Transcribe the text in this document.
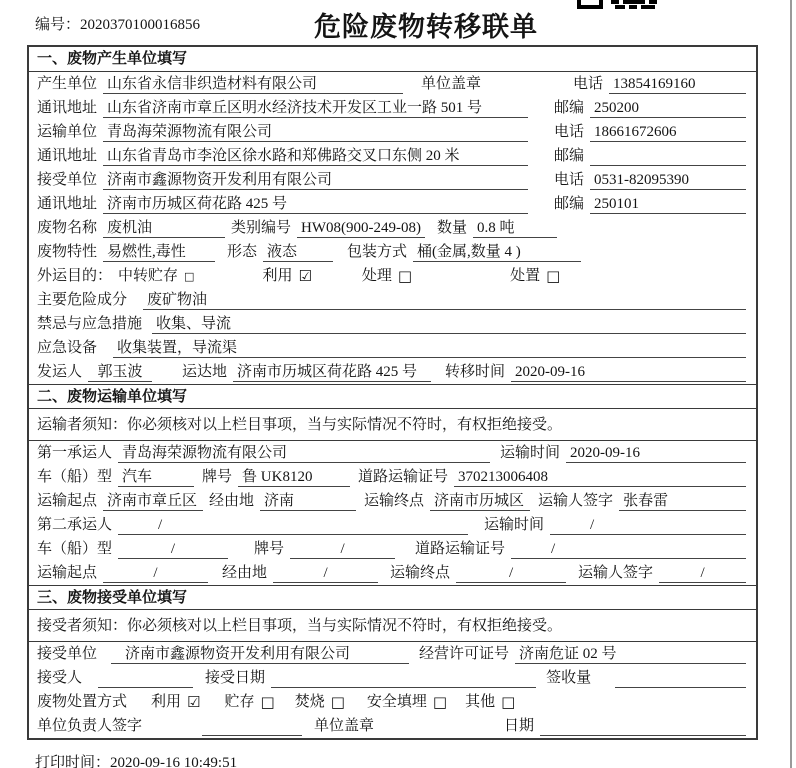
编号：2020370100016856	危险废物转移联单
一、废物产生单位填写
产生单位 山东省永信非织造材料有限公司	单位盖章	电话 13854169160
通讯地址 山东省济南市章丘区明水经济技术开发区工业一路 501 号	邮编 250200
运输单位 青岛海荣源物流有限公司	电话 18661672606
通讯地址 山东省青岛市李沧区徐水路和郑佛路交叉口东侧 20 米	邮编
接受单位 济南市鑫源物资开发利用有限公司	电话 0531-82095390
通讯地址 济南市历城区荷花路 425 号	邮编 250101
废物名称 废机油	类别编号 HW08(900-249-08) 数量 0.8 吨
废物特性 易燃性,毒性	形态 液态	包装方式 桶(金属,数量 4 )
外运目的： 中转贮存 □	利用 ☑	处理 □	处置 □
主要危险成分 废矿物油
禁忌与应急措施 收集、导流
应急设备 收集装置，导流渠
发运人	郭玉波	运达地 济南市历城区荷花路 425 号	转移时间 2020-09-16
二、废物运输单位填写
运输者须知：你必须核对以上栏目事项，当与实际情况不符时，有权拒绝接受。
第一承运人 青岛海荣源物流有限公司	运输时间 2020-09-16
车（船）型 汽车	牌号 鲁 UK8120	道路运输证号 370213006408
运输起点 济南市章丘区 经由地 济南	运输终点 济南市历城区 运输人签字 张春雷
第二承运人	/	运输时间	/
车（船）型	/	牌号	/	道路运输证号	/
运输起点	/	经由地	/	运输终点	/	运输人签字	/
三、废物接受单位填写
接受者须知：你必须核对以上栏目事项，当与实际情况不符时，有权拒绝接受。
接受单位	济南市鑫源物资开发利用有限公司	经营许可证号 济南危证 02 号
接受人	接受日期	签收量
废物处置方式 利用 ☑ 贮存 □ 焚烧 □ 安全填埋 □ 其他 □
单位负责人签字	单位盖章	日期
打印时间：2020-09-16 10:49:51
